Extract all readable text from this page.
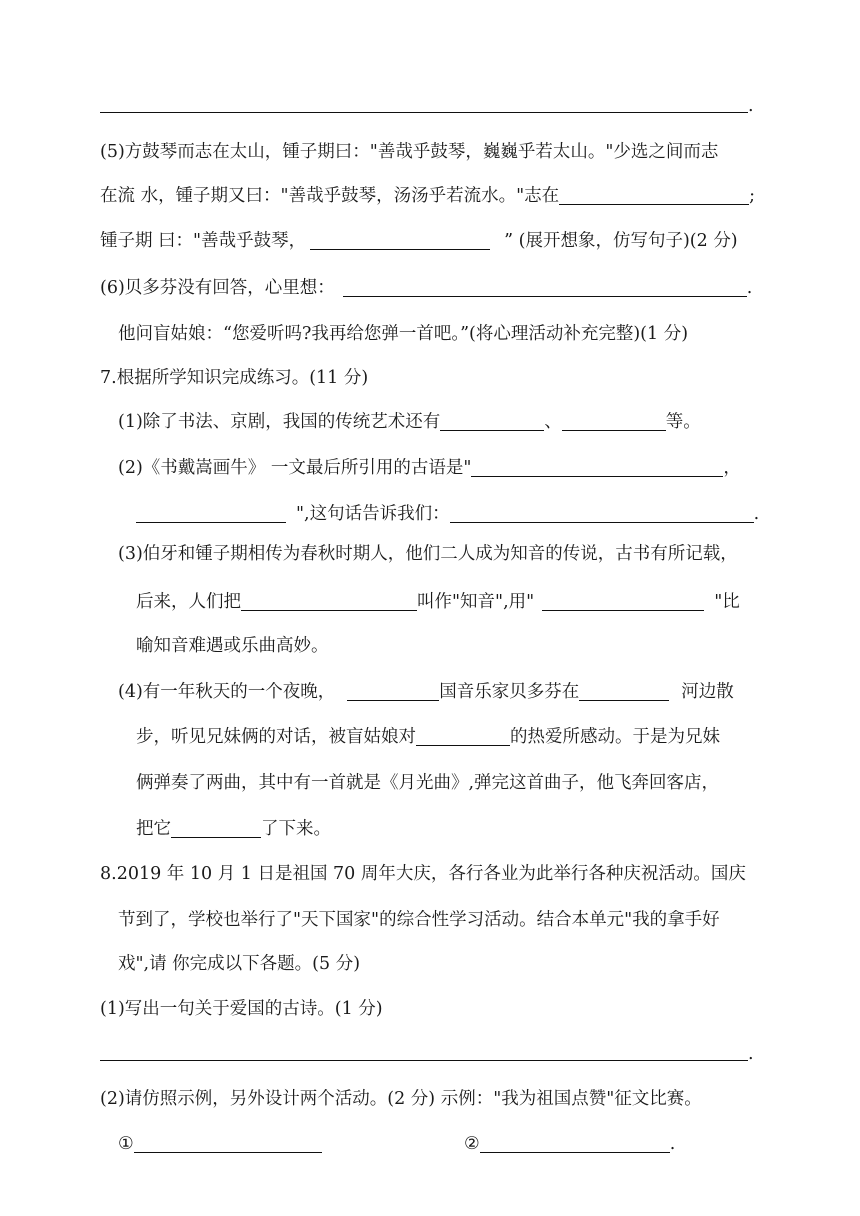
.
(5)方鼓琴而志在太山，锺子期曰："善哉乎鼓琴，巍巍乎若太山。"少选之间而志
在流 水，锺子期又曰："善哉乎鼓琴，汤汤乎若流水。"志在	;
锺子期 曰："善哉乎鼓琴，	” (展开想象，仿写句子)(2 分)
(6)贝多芬没有回答，心里想：	.
他问盲姑娘：“您爱听吗?我再给您弹一首吧。”(将心理活动补充完整)(1 分)
7.根据所学知识完成练习。(11 分)
(1)除了书法、京剧，我国的传统艺术还有	、	等。
(2)《书戴嵩画牛》 一文最后所引用的古语是"	，
",这句话告诉我们：	.
(3)伯牙和锺子期相传为春秋时期人，他们二人成为知音的传说，古书有所记载，
后来，人们把	叫作"知音",用"	"比
喻知音难遇或乐曲高妙。
(4)有一年秋天的一个夜晚，	国音乐家贝多芬在	河边散
步，听见兄妹俩的对话，被盲姑娘对	的热爱所感动。于是为兄妹
俩弹奏了两曲，其中有一首就是《月光曲》,弹完这首曲子，他飞奔回客店，
把它	了下来。
8.2019 年 10 月 1 日是祖国 70 周年大庆，各行各业为此举行各种庆祝活动。国庆
节到了，学校也举行了"天下国家"的综合性学习活动。结合本单元"我的拿手好
戏",请 你完成以下各题。(5 分)
(1)写出一句关于爱国的古诗。(1 分)
.
(2)请仿照示例，另外设计两个活动。(2 分) 示例："我为祖国点赞"征文比赛。
①	②	.
